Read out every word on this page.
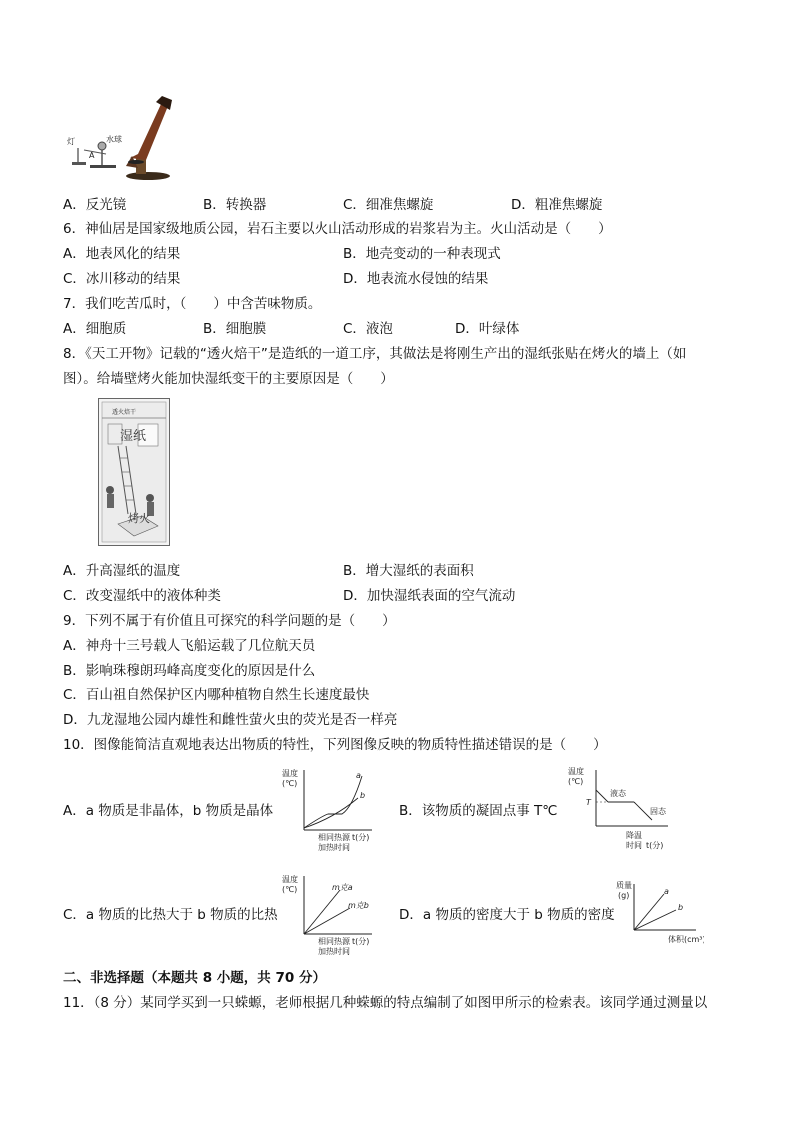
灯	水球
A
A．反光镜	B．转换器	C．细准焦螺旋	D．粗准焦螺旋
6．神仙居是国家级地质公园，岩石主要以火山活动形成的岩浆岩为主。火山活动是（　　）
A．地表风化的结果	B．地壳变动的一种表现式
C．冰川移动的结果	D．地表流水侵蚀的结果
7．我们吃苦瓜时，（　　）中含苦味物质。
A．细胞质	B．细胞膜	C．液泡	D．叶绿体
8．《天工开物》记载的“透火焙干”是造纸的一道工序，其做法是将刚生产出的湿纸张贴在烤火的墙上（如
图）。给墙壁烤火能加快湿纸变干的主要原因是（　　）
透火焙干
湿纸
烤火
A．升高湿纸的温度	B．增大湿纸的表面积
C．改变湿纸中的液体种类	D．加快湿纸表面的空气流动
9．下列不属于有价值且可探究的科学问题的是（　　）
A．神舟十三号载人飞船运载了几位航天员
B．影响珠穆朗玛峰高度变化的原因是什么
C．百山祖自然保护区内哪种植物自然生长速度最快
D．九龙湿地公园内雄性和雌性萤火虫的荧光是否一样亮
10．图像能简洁直观地表达出物质的特性，下列图像反映的物质特性描述错误的是（　　）
A．a 物质是非晶体，b 物质是晶体
温度
(℃)
a
b
相同热源
加热时间
t(分)
B．该物质的凝固点事 T℃
温度
(℃)
T
液态
固态
降温
时间 t(分)
C．a 物质的比热大于 b 物质的比热
温度
(℃)	m克a
m克b
相同热源
加热时间
t(分)
D．a 物质的密度大于 b 物质的密度
质量
(g)	a
b
体积(cm³)
二、非选择题（本题共 8 小题，共 70 分）
11．（8 分）某同学买到一只蝾螈，老师根据几种蝾螈的特点编制了如图甲所示的检索表。该同学通过测量以
